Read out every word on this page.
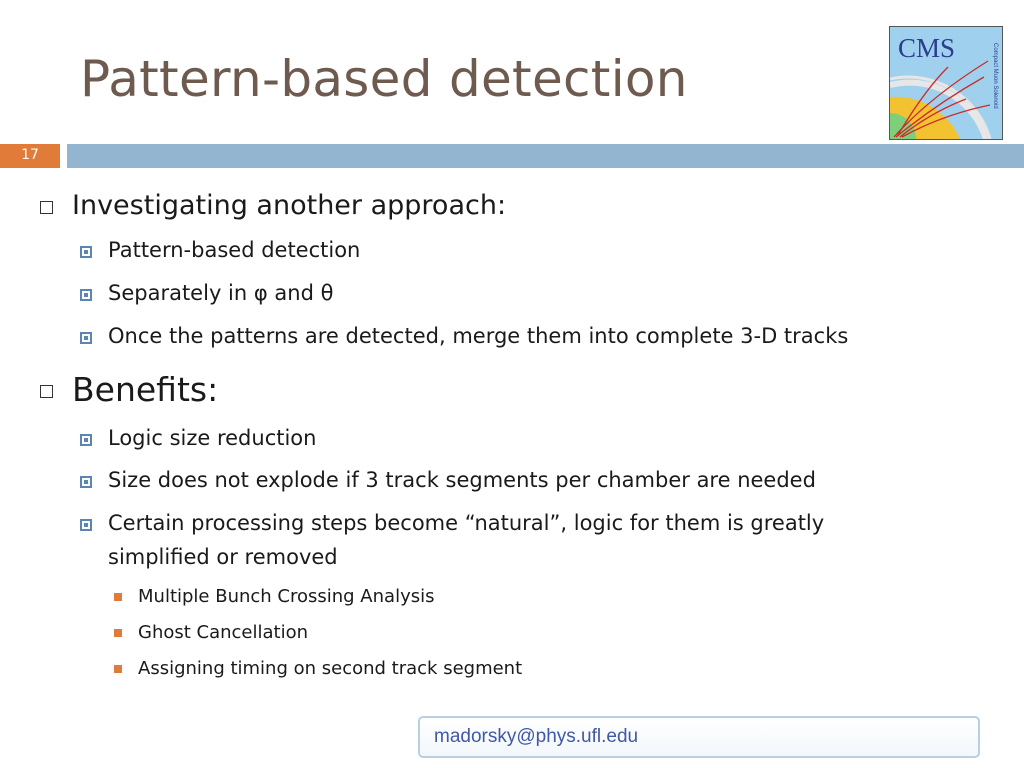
Pattern-based detection
CMS	Compact Muon Solenoid
17
Investigating another approach:
Pattern-based detection
Separately in φ and θ
Once the patterns are detected, merge them into complete 3-D tracks
Benefits:
Logic size reduction
Size does not explode if 3 track segments per chamber are needed
Certain processing steps become “natural”, logic for them is greatly
simplified or removed
Multiple Bunch Crossing Analysis
Ghost Cancellation
Assigning timing on second track segment
madorsky@phys.ufl.edu
